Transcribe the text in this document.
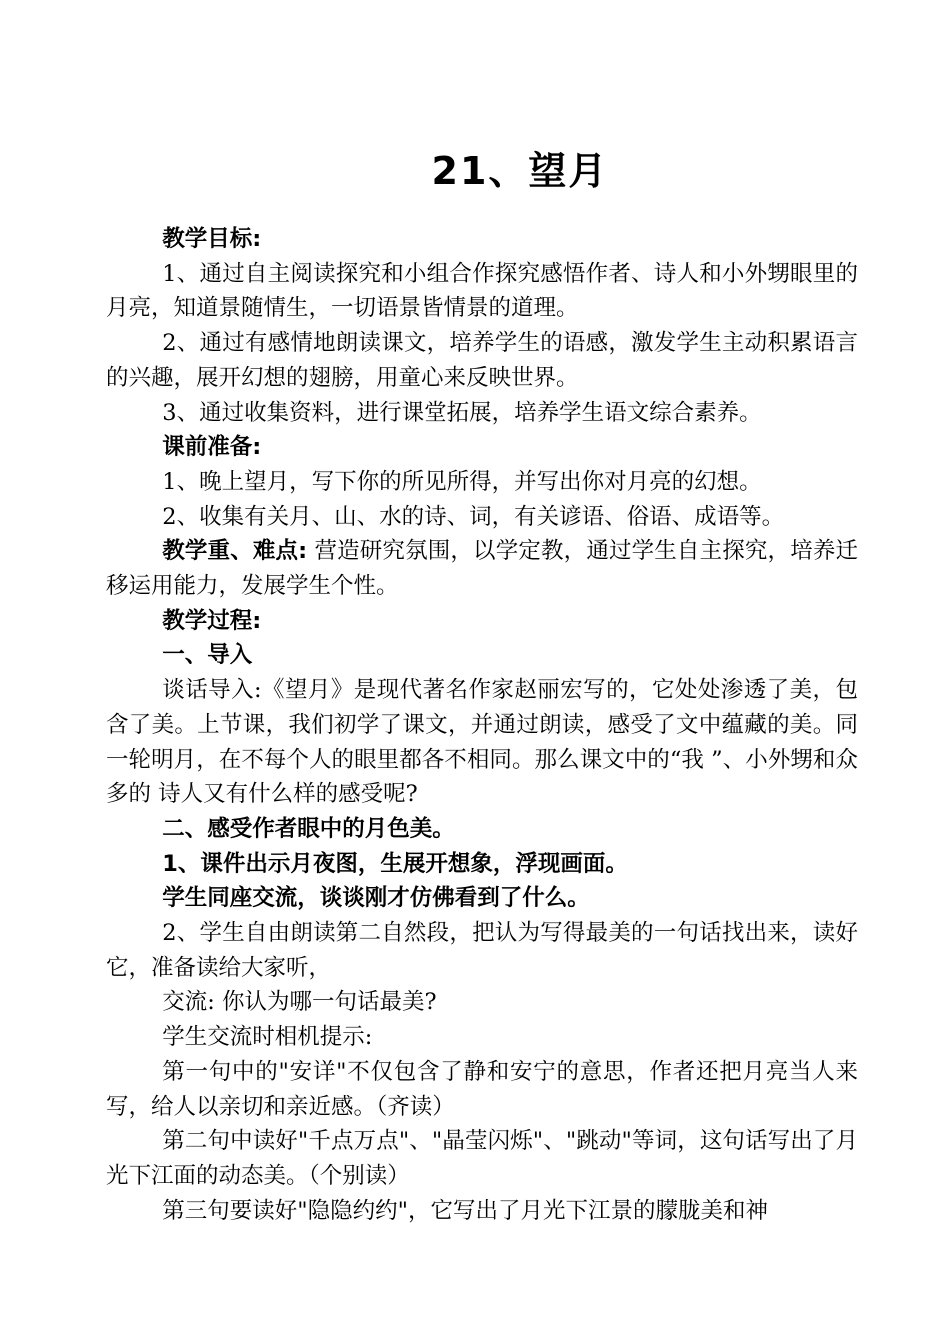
21、望月

教学目标:

1、通过自主阅读探究和小组合作探究感悟作者、诗人和小外甥眼里的月亮，知道景随情生，一切语景皆情景的道理。

2、通过有感情地朗读课文，培养学生的语感，激发学生主动积累语言的兴趣，展开幻想的翅膀，用童心来反映世界。

3、通过收集资料，进行课堂拓展，培养学生语文综合素养。

课前准备:

1、晚上望月，写下你的所见所得，并写出你对月亮的幻想。

2、收集有关月、山、水的诗、词，有关谚语、俗语、成语等。

教学重、难点: 营造研究氛围，以学定教，通过学生自主探究，培养迁移运用能力，发展学生个性。

教学过程:

一、导入

谈话导入:《望月》是现代著名作家赵丽宏写的，它处处渗透了美，包含了美。上节课，我们初学了课文，并通过朗读，感受了文中蕴藏的美。同一轮明月，在不每个人的眼里都各不相同。那么课文中的“我 ”、小外甥和众多的 诗人又有什么样的感受呢?

二、感受作者眼中的月色美。

1、课件出示月夜图，生展开想象，浮现画面。

学生同座交流，谈谈刚才仿佛看到了什么。

2、学生自由朗读第二自然段，把认为写得最美的一句话找出来，读好它，准备读给大家听，

交流: 你认为哪一句话最美?

学生交流时相机提示:

第一句中的"安详"不仅包含了静和安宁的意思，作者还把月亮当人来写，给人以亲切和亲近感。（齐读）

第二句中读好"千点万点"、"晶莹闪烁"、"跳动"等词，这句话写出了月光下江面的动态美。（个别读）

第三句要读好"隐隐约约"，它写出了月光下江景的朦胧美和神
